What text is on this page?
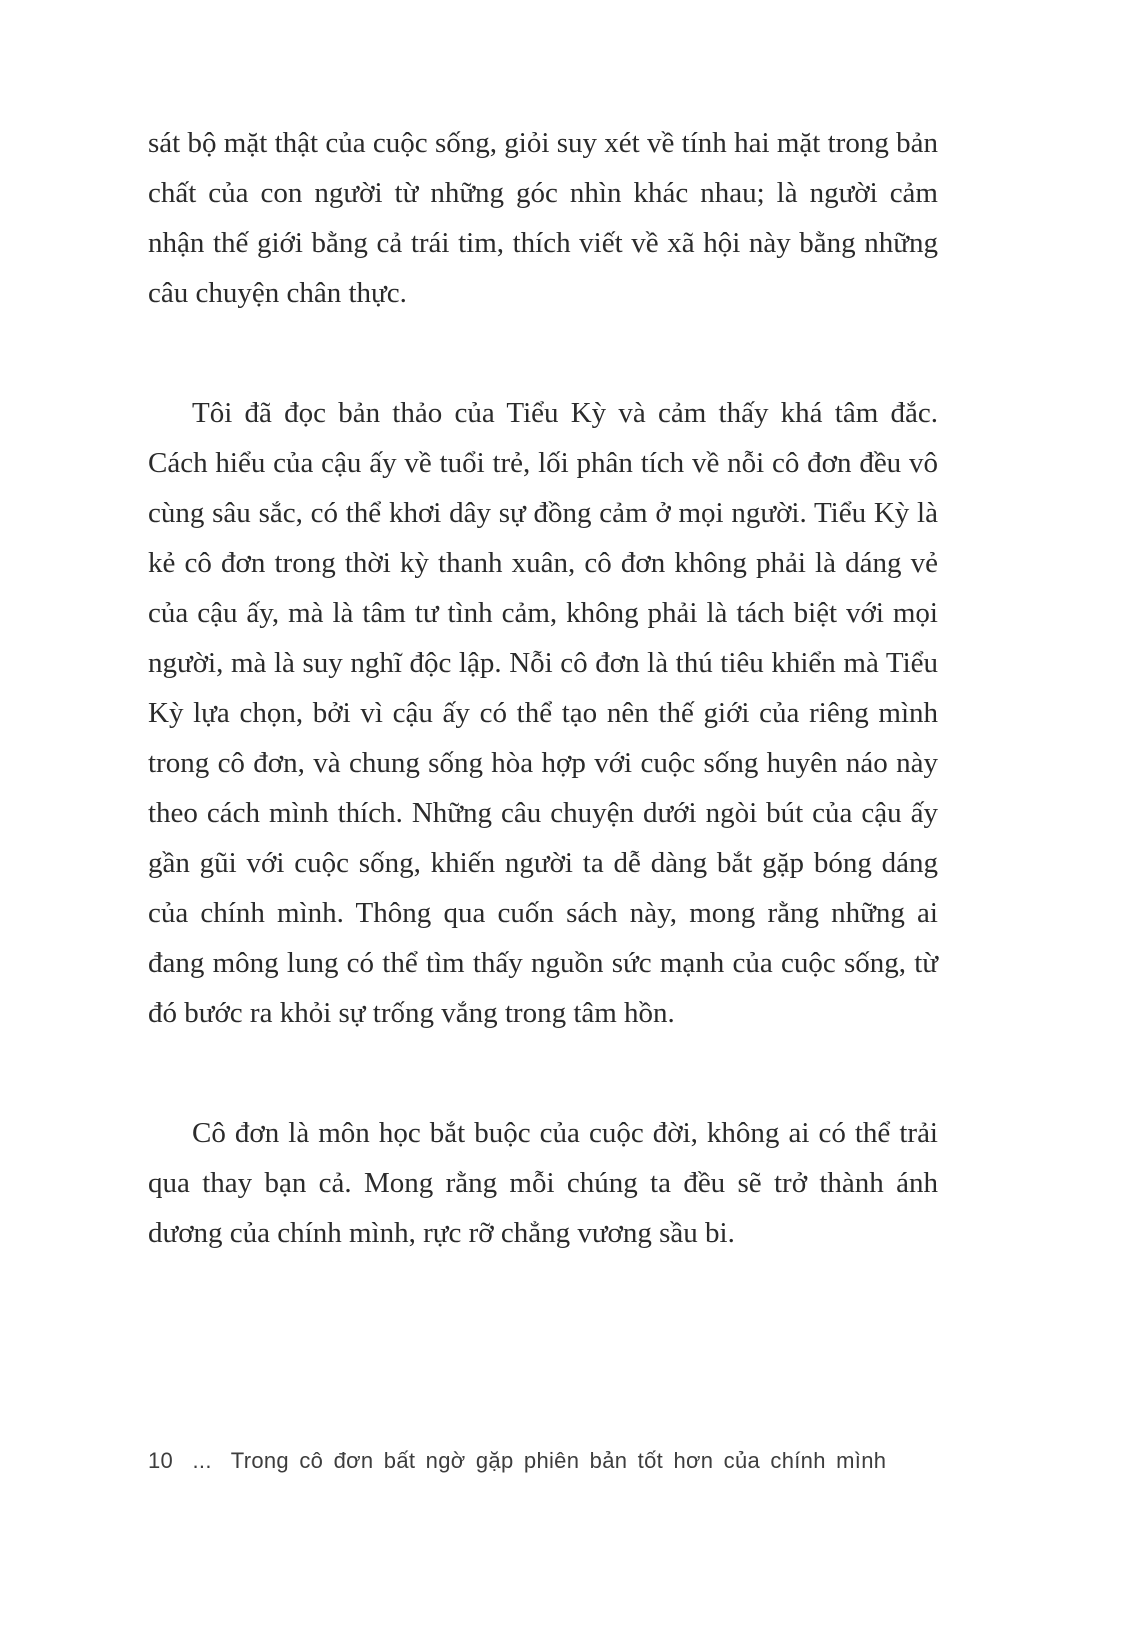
sát bộ mặt thật của cuộc sống, giỏi suy xét về tính hai mặt trong bản chất của con người từ những góc nhìn khác nhau; là người cảm nhận thế giới bằng cả trái tim, thích viết về xã hội này bằng những câu chuyện chân thực.

Tôi đã đọc bản thảo của Tiểu Kỳ và cảm thấy khá tâm đắc. Cách hiểu của cậu ấy về tuổi trẻ, lối phân tích về nỗi cô đơn đều vô cùng sâu sắc, có thể khơi dây sự đồng cảm ở mọi người. Tiểu Kỳ là kẻ cô đơn trong thời kỳ thanh xuân, cô đơn không phải là dáng vẻ của cậu ấy, mà là tâm tư tình cảm, không phải là tách biệt với mọi người, mà là suy nghĩ độc lập. Nỗi cô đơn là thú tiêu khiển mà Tiểu Kỳ lựa chọn, bởi vì cậu ấy có thể tạo nên thế giới của riêng mình trong cô đơn, và chung sống hòa hợp với cuộc sống huyên náo này theo cách mình thích. Những câu chuyện dưới ngòi bút của cậu ấy gần gũi với cuộc sống, khiến người ta dễ dàng bắt gặp bóng dáng của chính mình. Thông qua cuốn sách này, mong rằng những ai đang mông lung có thể tìm thấy nguồn sức mạnh của cuộc sống, từ đó bước ra khỏi sự trống vắng trong tâm hồn.

Cô đơn là môn học bắt buộc của cuộc đời, không ai có thể trải qua thay bạn cả. Mong rằng mỗi chúng ta đều sẽ trở thành ánh dương của chính mình, rực rỡ chẳng vương sầu bi.

10 ... Trong cô đơn bất ngờ gặp phiên bản tốt hơn của chính mình
